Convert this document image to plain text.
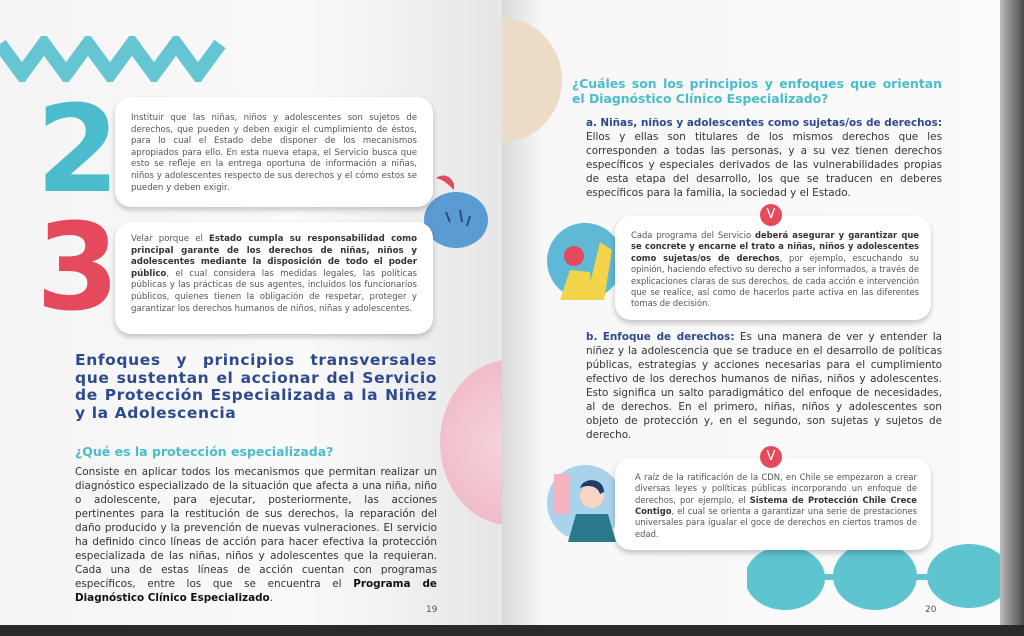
2	Instituir que las niñas, niños y adolescentes son sujetos de derechos, que pueden y deben exigir el cumplimiento de éstos, para lo cual el Estado debe disponer de los mecanismos apropiados para ello. En esta nueva etapa, el Servicio busca que esto se refleje en la entrega oportuna de información a niñas, niños y adolescentes respecto de sus derechos y el cómo estos se pueden y deben exigir.
3	Velar porque el Estado cumpla su responsabilidad como principal garante de los derechos de niñas, niños y adolescentes mediante la disposición de todo el poder público, el cual considera las medidas legales, las políticas públicas y las prácticas de sus agentes, incluidos los funcionarios públicos, quienes tienen la obligación de respetar, proteger y garantizar los derechos humanos de niños, niñas y adolescentes.
Enfoques y principios transversales que sustentan el accionar del Servicio de Protección Especializada a la Niñez y la Adolescencia
¿Qué es la protección especializada?
Consiste en aplicar todos los mecanismos que permitan realizar un diagnóstico especializado de la situación que afecta a una niña, niño o adolescente, para ejecutar, posteriormente, las acciones pertinentes para la restitución de sus derechos, la reparación del daño producido y la prevención de nuevas vulneraciones. El servicio ha definido cinco líneas de acción para hacer efectiva la protección especializada de las niñas, niños y adolescentes que la requieran. Cada una de estas líneas de acción cuentan con programas específicos, entre los que se encuentra el Programa de Diagnóstico Clínico Especializado.
19
¿Cuáles son los principios y enfoques que orientan el Diagnóstico Clínico Especializado?
a. Niñas, niños y adolescentes como sujetas/os de derechos: Ellos y ellas son titulares de los mismos derechos que les corresponden a todas las personas, y a su vez tienen derechos específicos y especiales derivados de las vulnerabilidades propias de esta etapa del desarrollo, los que se traducen en deberes específicos para la familia, la sociedad y el Estado.
V
Cada programa del Servicio deberá asegurar y garantizar que se concrete y encarne el trato a niñas, niños y adolescentes como sujetas/os de derechos, por ejemplo, escuchando su opinión, haciendo efectivo su derecho a ser informados, a través de explicaciones claras de sus derechos, de cada acción e intervención que se realice, así como de hacerlos parte activa en las diferentes tomas de decisión.
b. Enfoque de derechos: Es una manera de ver y entender la niñez y la adolescencia que se traduce en el desarrollo de políticas públicas, estrategias y acciones necesarias para el cumplimiento efectivo de los derechos humanos de niñas, niños y adolescentes. Esto significa un salto paradigmático del enfoque de necesidades, al de derechos. En el primero, niñas, niños y adolescentes son objeto de protección y, en el segundo, son sujetas y sujetos de derecho.
V
A raíz de la ratificación de la CDN, en Chile se empezaron a crear diversas leyes y políticas públicas incorporando un enfoque de derechos, por ejemplo, el Sistema de Protección Chile Crece Contigo, el cual se orienta a garantizar una serie de prestaciones universales para igualar el goce de derechos en ciertos tramos de edad.
20
